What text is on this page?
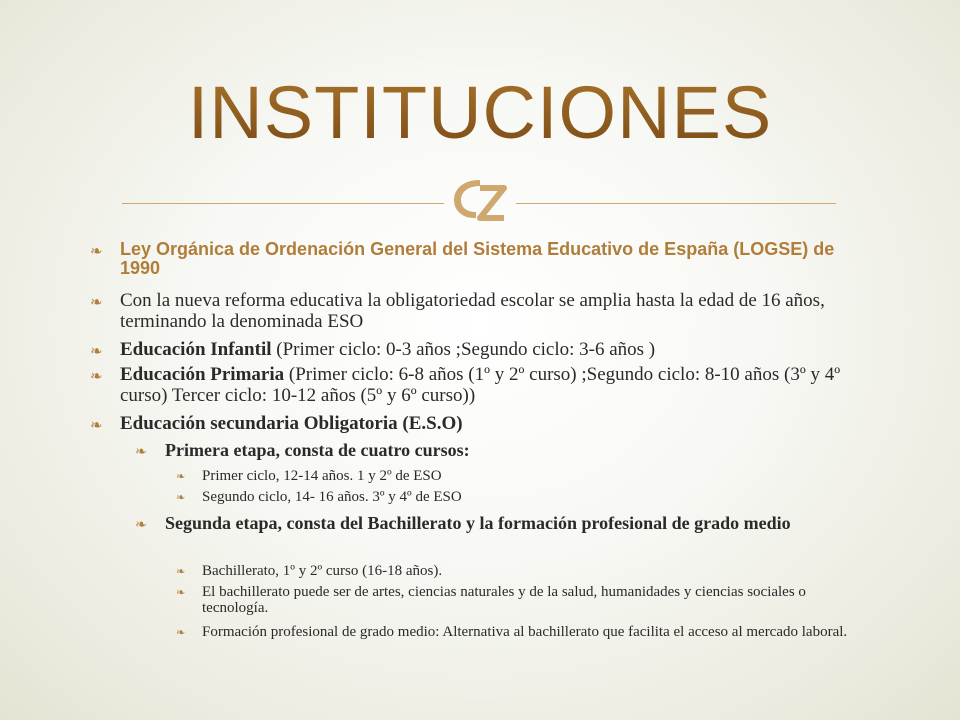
INSTITUCIONES
❧ Ley Orgánica de Ordenación General del Sistema Educativo de España (LOGSE) de 1990
❧ Con la nueva reforma educativa la obligatoriedad escolar se amplia hasta la edad de 16 años, terminando la denominada ESO
❧ Educación Infantil (Primer ciclo: 0-3 años ;Segundo ciclo: 3-6 años )
❧ Educación Primaria (Primer ciclo: 6-8 años (1º y 2º curso) ;Segundo ciclo: 8-10 años (3º y 4º curso) Tercer ciclo: 10-12 años (5º y 6º curso))
❧ Educación secundaria Obligatoria (E.S.O)
❧	Primera etapa, consta de cuatro cursos:
❧	Primer ciclo, 12-14 años. 1 y 2º de ESO
❧	Segundo ciclo, 14- 16 años. 3º y 4º de ESO
❧	Segunda etapa, consta del Bachillerato y la formación profesional de grado medio
❧	Bachillerato, 1º y 2º curso (16-18 años).
❧	El bachillerato puede ser de artes, ciencias naturales y de la salud, humanidades y ciencias sociales o tecnología.
❧	Formación profesional de grado medio: Alternativa al bachillerato que facilita el acceso al mercado laboral.
